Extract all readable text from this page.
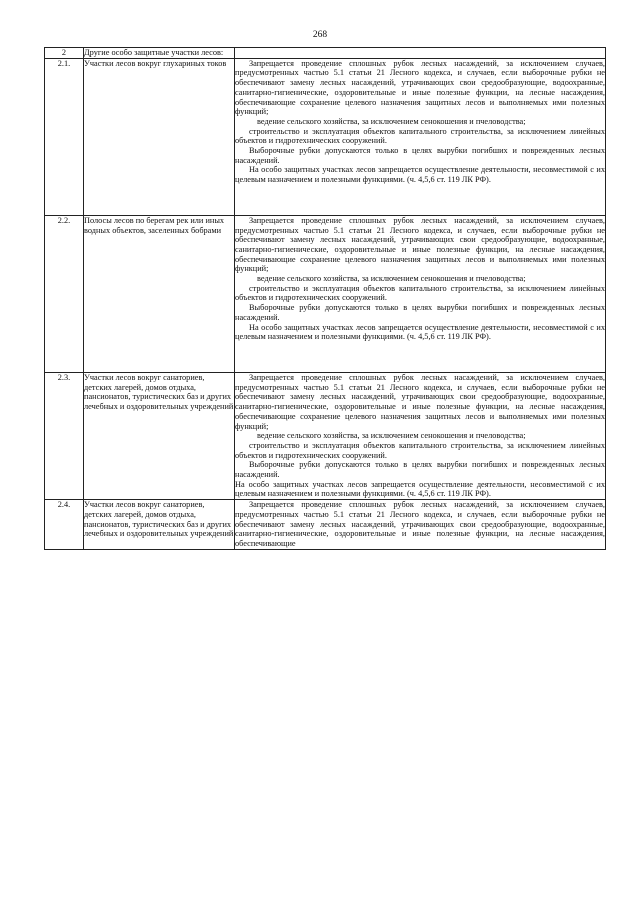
268
2	Другие особо защитные участки лесов:	
2.1.	Участки лесов вокруг глухариных токов	Запрещается проведение сплошных рубок лесных насаждений, за исключением случаев, предусмотренных частью 5.1 статьи 21 Лесного кодекса, и случаев, если выборочные рубки не обеспечивают замену лесных насаждений, утрачивающих свои средообразующие, водоохранные, санитарно-гигиенические, оздоровительные и иные полезные функции, на лесные насаждения, обеспечивающие сохранение целевого назначения защитных лесов и выполняемых ими полезных функций;
ведение сельского хозяйства, за исключением сенокошения и пчеловодства;
строительство и эксплуатация объектов капитального строительства, за исключением линейных объектов и гидротехнических сооружений.
Выборочные рубки допускаются только в целях вырубки погибших и поврежденных лесных насаждений.
На особо защитных участках лесов запрещается осуществление деятельности, несовместимой с их целевым назначением и полезными функциями. (ч. 4,5,6 ст. 119 ЛК РФ).

2.2.	Полосы лесов по берегам рек или иных водных объектов, заселенных бобрами	Запрещается проведение сплошных рубок лесных насаждений, за исключением случаев, предусмотренных частью 5.1 статьи 21 Лесного кодекса, и случаев, если выборочные рубки не обеспечивают замену лесных насаждений, утрачивающих свои средообразующие, водоохранные, санитарно-гигиенические, оздоровительные и иные полезные функции, на лесные насаждения, обеспечивающие сохранение целевого назначения защитных лесов и выполняемых ими полезных функций;
ведение сельского хозяйства, за исключением сенокошения и пчеловодства;
строительство и эксплуатация объектов капитального строительства, за исключением линейных объектов и гидротехнических сооружений.
Выборочные рубки допускаются только в целях вырубки погибших и поврежденных лесных насаждений.
На особо защитных участках лесов запрещается осуществление деятельности, несовместимой с их целевым назначением и полезными функциями. (ч. 4,5,6 ст. 119 ЛК РФ).

2.3.	Участки лесов вокруг санаториев, детских лагерей, домов отдыха, пансионатов, туристических баз и других лечебных и оздоровительных учреждений	Запрещается проведение сплошных рубок лесных насаждений, за исключением случаев, предусмотренных частью 5.1 статьи 21 Лесного кодекса, и случаев, если выборочные рубки не обеспечивают замену лесных насаждений, утрачивающих свои средообразующие, водоохранные, санитарно-гигиенические, оздоровительные и иные полезные функции, на лесные насаждения, обеспечивающие сохранение целевого назначения защитных лесов и выполняемых ими полезных функций;
ведение сельского хозяйства, за исключением сенокошения и пчеловодства;
строительство и эксплуатация объектов капитального строительства, за исключением линейных объектов и гидротехнических сооружений.
Выборочные рубки допускаются только в целях вырубки погибших и поврежденных лесных насаждений.
На особо защитных участках лесов запрещается осуществление деятельности, несовместимой с их целевым назначением и полезными функциями. (ч. 4,5,6 ст. 119 ЛК РФ).

2.4.	Участки лесов вокруг санаториев, детских лагерей, домов отдыха, пансионатов, туристических баз и других лечебных и оздоровительных учреждений	Запрещается проведение сплошных рубок лесных насаждений, за исключением случаев, предусмотренных частью 5.1 статьи 21 Лесного кодекса, и случаев, если выборочные рубки не обеспечивают замену лесных насаждений, утрачивающих свои средообразующие, водоохранные, санитарно-гигиенические, оздоровительные и иные полезные функции, на лесные насаждения, обеспечивающие
